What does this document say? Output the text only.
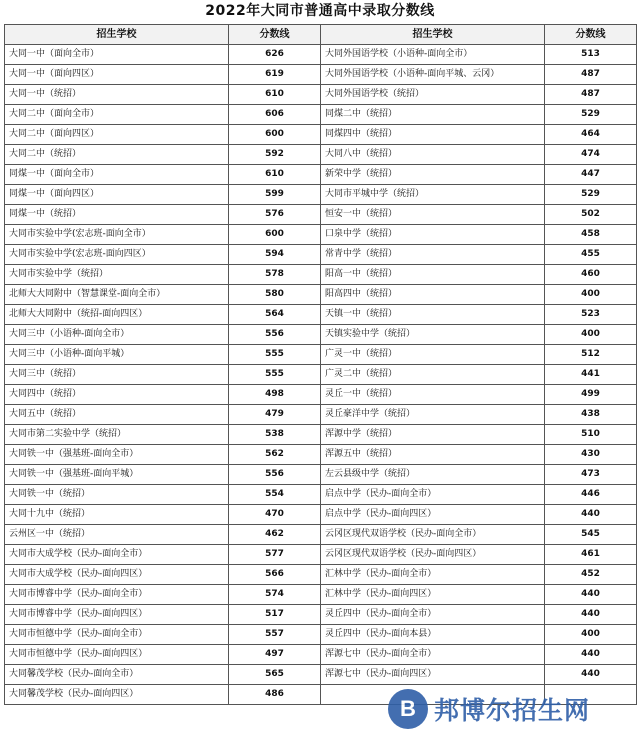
2022年大同市普通高中录取分数线
招生学校	分数线	招生学校	分数线
大同一中（面向全市）	626	大同外国语学校（小语种-面向全市）	513
大同一中（面向四区）	619	大同外国语学校（小语种-面向平城、云冈）	487
大同一中（统招）	610	大同外国语学校（统招）	487
大同二中（面向全市）	606	同煤二中（统招）	529
大同二中（面向四区）	600	同煤四中（统招）	464
大同二中（统招）	592	大同八中（统招）	474
同煤一中（面向全市）	610	新荣中学（统招）	447
同煤一中（面向四区）	599	大同市平城中学（统招）	529
同煤一中（统招）	576	恒安一中（统招）	502
大同市实验中学(宏志班-面向全市）	600	口泉中学（统招）	458
大同市实验中学(宏志班-面向四区）	594	常青中学（统招）	455
大同市实验中学（统招）	578	阳高一中（统招）	460
北师大大同附中（智慧课堂-面向全市）	580	阳高四中（统招）	400
北师大大同附中（统招-面向四区）	564	天镇一中（统招）	523
大同三中（小语种-面向全市）	556	天镇实验中学（统招）	400
大同三中（小语种-面向平城）	555	广灵一中（统招）	512
大同三中（统招）	555	广灵二中（统招）	441
大同四中（统招）	498	灵丘一中（统招）	499
大同五中（统招）	479	灵丘豪洋中学（统招）	438
大同市第二实验中学（统招）	538	浑源中学（统招）	510
大同铁一中（强基班-面向全市）	562	浑源五中（统招）	430
大同铁一中（强基班-面向平城）	556	左云县级中学（统招）	473
大同铁一中（统招）	554	启点中学（民办-面向全市）	446
大同十九中（统招）	470	启点中学（民办-面向四区）	440
云州区一中（统招）	462	云冈区现代双语学校（民办-面向全市）	545
大同市大成学校（民办-面向全市）	577	云冈区现代双语学校（民办-面向四区）	461
大同市大成学校（民办-面向四区）	566	汇林中学（民办-面向全市）	452
大同市博睿中学（民办-面向全市）	574	汇林中学（民办-面向四区）	440
大同市博睿中学（民办-面向四区）	517	灵丘四中（民办-面向全市）	440
大同市恒德中学（民办-面向全市）	557	灵丘四中（民办-面向本县）	400
大同市恒德中学（民办-面向四区）	497	浑源七中（民办-面向全市）	440
大同馨茂学校（民办-面向全市）	565	浑源七中（民办-面向四区）	440
大同馨茂学校（民办-面向四区）	486		
B 邦博尔招生网
